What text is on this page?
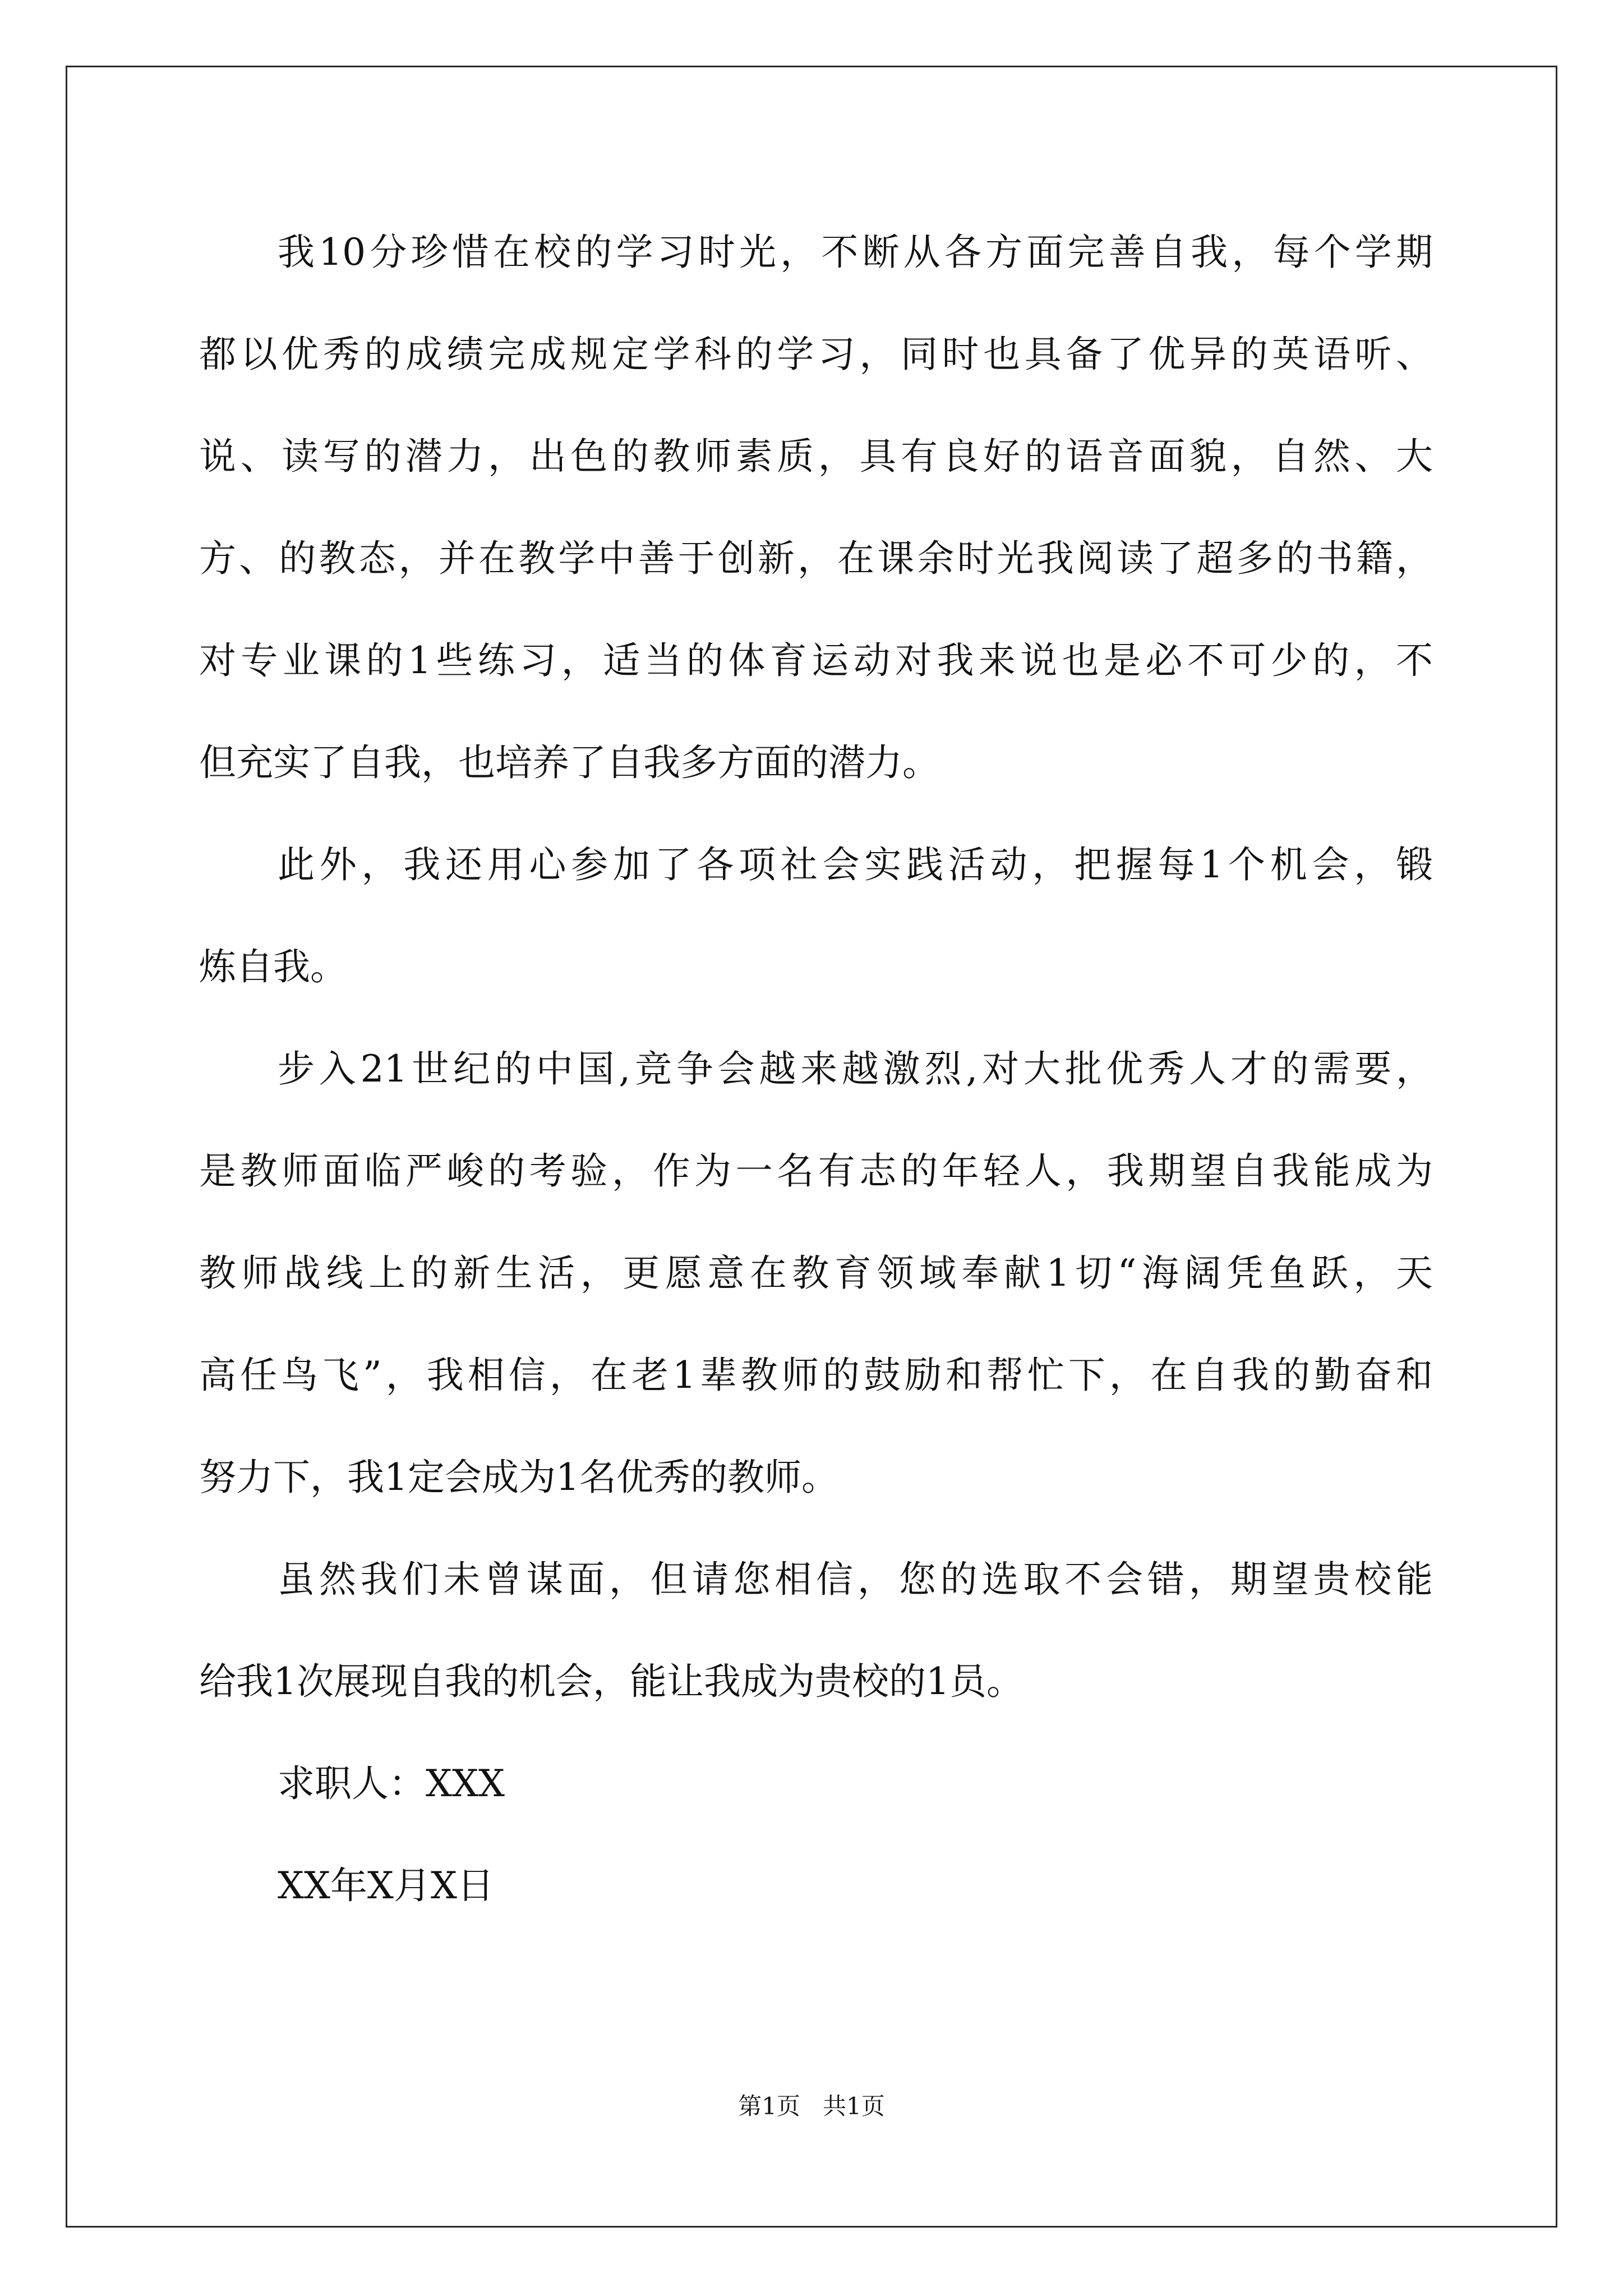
我10分珍惜在校的学习时光，不断从各方面完善自我，每个学期
都以优秀的成绩完成规定学科的学习，同时也具备了优异的英语听、
说、读写的潜力，出色的教师素质，具有良好的语音面貌，自然、大
方、的教态，并在教学中善于创新，在课余时光我阅读了超多的书籍，
对专业课的1些练习，适当的体育运动对我来说也是必不可少的，不
但充实了自我，也培养了自我多方面的潜力。
此外，我还用心参加了各项社会实践活动，把握每1个机会，锻
炼自我。
步入21世纪的中国,竞争会越来越激烈,对大批优秀人才的需要，
是教师面临严峻的考验，作为一名有志的年轻人，我期望自我能成为
教师战线上的新生活，更愿意在教育领域奉献1切“海阔凭鱼跃，天
高任鸟飞”，我相信，在老1辈教师的鼓励和帮忙下，在自我的勤奋和
努力下，我1定会成为1名优秀的教师。
虽然我们未曾谋面，但请您相信，您的选取不会错，期望贵校能
给我1次展现自我的机会，能让我成为贵校的1员。
求职人：XXX
XX年X月X日
第1页 共1页
